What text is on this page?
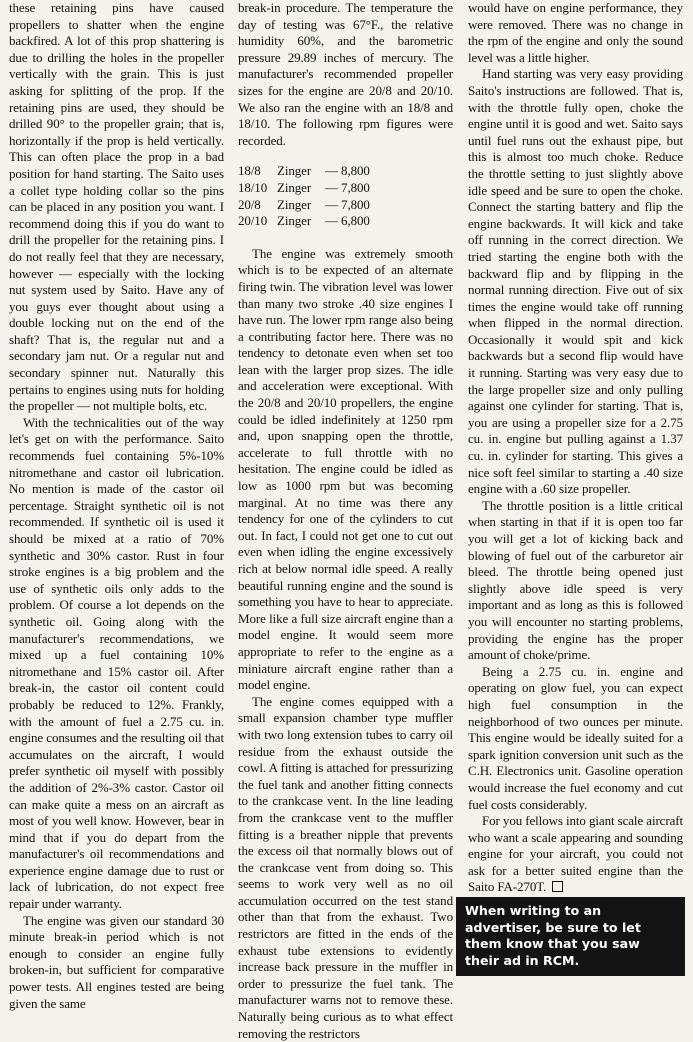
these retaining pins have caused propellers to shatter when the engine backfired. A lot of this prop shattering is due to drilling the holes in the propeller vertically with the grain. This is just asking for splitting of the prop. If the retaining pins are used, they should be drilled 90° to the propeller grain; that is, horizontally if the prop is held vertically. This can often place the prop in a bad position for hand starting. The Saito uses a collet type holding collar so the pins can be placed in any position you want. I recommend doing this if you do want to drill the propeller for the retaining pins. I do not really feel that they are necessary, however — especially with the locking nut system used by Saito. Have any of you guys ever thought about using a double locking nut on the end of the shaft? That is, the regular nut and a secondary jam nut. Or a regular nut and secondary spinner nut. Naturally this pertains to engines using nuts for holding the propeller — not multiple bolts, etc.

With the technicalities out of the way let's get on with the performance. Saito recommends fuel containing 5%-10% nitromethane and castor oil lubrication. No mention is made of the castor oil percentage. Straight synthetic oil is not recommended. If synthetic oil is used it should be mixed at a ratio of 70% synthetic and 30% castor. Rust in four stroke engines is a big problem and the use of synthetic oils only adds to the problem. Of course a lot depends on the synthetic oil. Going along with the manufacturer's recommendations, we mixed up a fuel containing 10% nitromethane and 15% castor oil. After break-in, the castor oil content could probably be reduced to 12%. Frankly, with the amount of fuel a 2.75 cu. in. engine consumes and the resulting oil that accumulates on the aircraft, I would prefer synthetic oil myself with possibly the addition of 2%-3% castor. Castor oil can make quite a mess on an aircraft as most of you well know. However, bear in mind that if you do depart from the manufacturer's oil recommendations and experience engine damage due to rust or lack of lubrication, do not expect free repair under warranty.

The engine was given our standard 30 minute break-in period which is not enough to consider an engine fully broken-in, but sufficient for comparative power tests. All engines tested are being given the same

break-in procedure. The temperature the day of testing was 67°F., the relative humidity 60%, and the barometric pressure 29.89 inches of mercury. The manufacturer's recommended propeller sizes for the engine are 20/8 and 20/10. We also ran the engine with an 18/8 and 18/10. The following rpm figures were recorded.

18/8	Zinger	— 8,800
18/10 Zinger	— 7,800
20/8	Zinger	— 7,800
20/10 Zinger	— 6,800

The engine was extremely smooth which is to be expected of an alternate firing twin. The vibration level was lower than many two stroke .40 size engines I have run. The lower rpm range also being a contributing factor here. There was no tendency to detonate even when set too lean with the larger prop sizes. The idle and acceleration were exceptional. With the 20/8 and 20/10 propellers, the engine could be idled indefinitely at 1250 rpm and, upon snapping open the throttle, accelerate to full throttle with no hesitation. The engine could be idled as low as 1000 rpm but was becoming marginal. At no time was there any tendency for one of the cylinders to cut out. In fact, I could not get one to cut out even when idling the engine excessively rich at below normal idle speed. A really beautiful running engine and the sound is something you have to hear to appreciate. More like a full size aircraft engine than a model engine. It would seem more appropriate to refer to the engine as a miniature aircraft engine rather than a model engine.

The engine comes equipped with a small expansion chamber type muffler with two long extension tubes to carry oil residue from the exhaust outside the cowl. A fitting is attached for pressurizing the fuel tank and another fitting connects to the crankcase vent. In the line leading from the crankcase vent to the muffler fitting is a breather nipple that prevents the excess oil that normally blows out of the crankcase vent from doing so. This seems to work very well as no oil accumulation occurred on the test stand other than that from the exhaust. Two restrictors are fitted in the ends of the exhaust tube extensions to evidently increase back pressure in the muffler in order to pressurize the fuel tank. The manufacturer warns not to remove these. Naturally being curious as to what effect removing the restrictors

would have on engine performance, they were removed. There was no change in the rpm of the engine and only the sound level was a little higher.

Hand starting was very easy providing Saito's instructions are followed. That is, with the throttle fully open, choke the engine until it is good and wet. Saito says until fuel runs out the exhaust pipe, but this is almost too much choke. Reduce the throttle setting to just slightly above idle speed and be sure to open the choke. Connect the starting battery and flip the engine backwards. It will kick and take off running in the correct direction. We tried starting the engine both with the backward flip and by flipping in the normal running direction. Five out of six times the engine would take off running when flipped in the normal direction. Occasionally it would spit and kick backwards but a second flip would have it running. Starting was very easy due to the large propeller size and only pulling against one cylinder for starting. That is, you are using a propeller size for a 2.75 cu. in. engine but pulling against a 1.37 cu. in. cylinder for starting. This gives a nice soft feel similar to starting a .40 size engine with a .60 size propeller.

The throttle position is a little critical when starting in that if it is open too far you will get a lot of kicking back and blowing of fuel out of the carburetor air bleed. The throttle being opened just slightly above idle speed is very important and as long as this is followed you will encounter no starting problems, providing the engine has the proper amount of choke/prime.

Being a 2.75 cu. in. engine and operating on glow fuel, you can expect high fuel consumption in the neighborhood of two ounces per minute. This engine would be ideally suited for a spark ignition conversion unit such as the C.H. Electronics unit. Gasoline operation would increase the fuel economy and cut fuel costs considerably.

For you fellows into giant scale aircraft who want a scale appearing and sounding engine for your aircraft, you could not ask for a better suited engine than the Saito FA-270T.

When writing to an advertiser, be sure to let them know that you saw their ad in RCM.
